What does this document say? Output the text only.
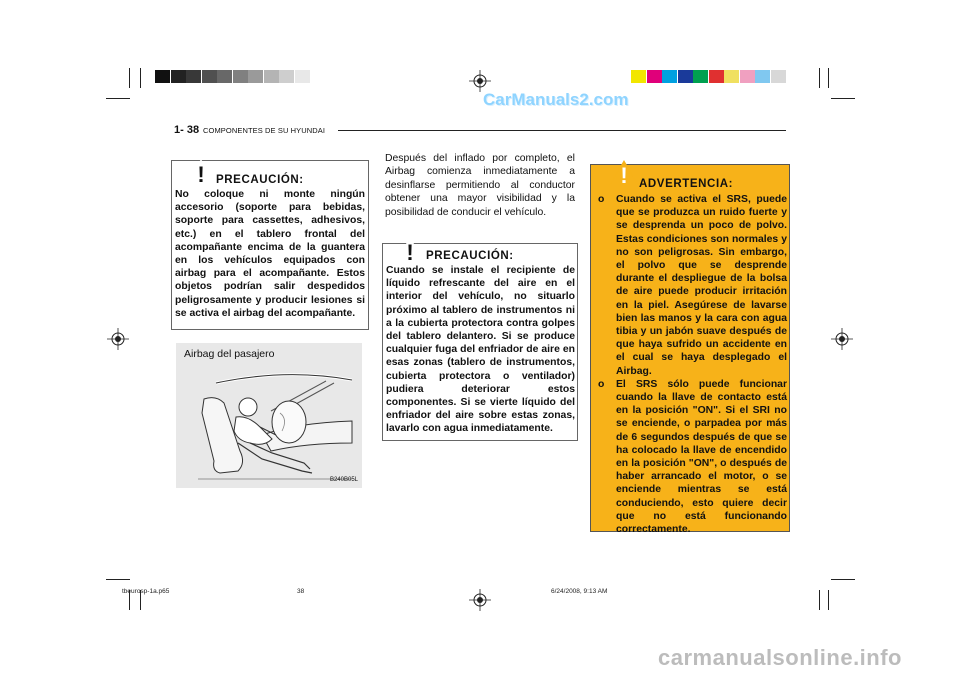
CarManuals2.com
carmanualsonline.info
1- 38 COMPONENTES DE SU HYUNDAI
! PRECAUCIÓN:
No coloque ni monte ningún accesorio (soporte para bebidas, soporte para cassettes, adhesivos, etc.) en el tablero frontal del acompañante encima de la guantera en los vehículos equipados con airbag para el acompañante. Estos objetos podrían salir despedidos peligrosamente y producir lesiones si se activa el airbag del acompañante.
Airbag del pasajero
B240B05L
Después del inflado por completo, el Airbag comienza inmediatamente a desinflarse permitiendo al conductor obtener una mayor visibilidad y la posibilidad de conducir el vehículo.
! PRECAUCIÓN:
Cuando se instale el recipiente de líquido refrescante del aire en el interior del vehículo, no situarlo próximo al tablero de instrumentos ni a la cubierta protectora contra golpes del tablero delantero. Si se produce cualquier fuga del enfriador de aire en esas zonas (tablero de instrumentos, cubierta protectora o ventilador) pudiera deteriorar estos componentes. Si se vierte líquido del enfriador del aire sobre estas zonas, lavarlo con agua inmediatamente.
! ADVERTENCIA:
o Cuando se activa el SRS, puede que se produzca un ruido fuerte y se desprenda un poco de polvo. Estas condiciones son normales y no son peligrosas. Sin embargo, el polvo que se desprende durante el despliegue de la bolsa de aire puede producir irritación en la piel. Asegúrese de lavarse bien las manos y la cara con agua tibia y un jabón suave después de que haya sufrido un accidente en el cual se haya desplegado el Airbag.
o El SRS sólo puede funcionar cuando la llave de contacto está en la posición "ON". Si el SRI no se enciende, o parpadea por más de 6 segundos después de que se ha colocado la llave de encendido en la posición "ON", o después de haber arrancado el motor, o se enciende mientras se está conduciendo, esto quiere decir que no está funcionando correctamente.
tbeurosp-1a.p65	38	6/24/2008, 9:13 AM
